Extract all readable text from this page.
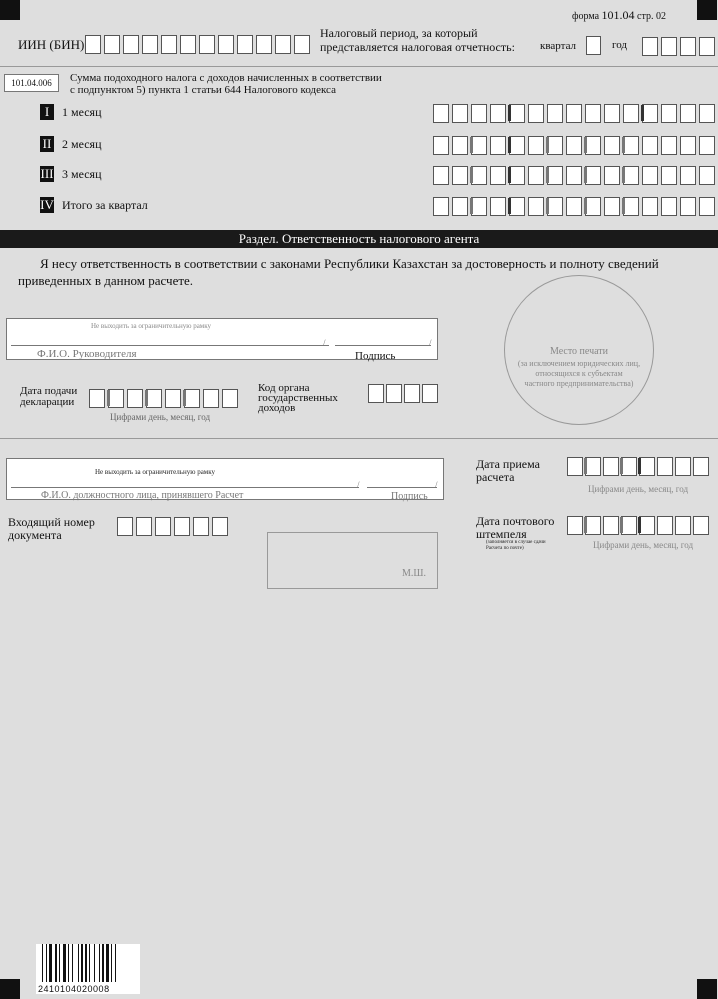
форма 101.04 стр. 02
ИИН (БИН)
Налоговый период, за который
представляется налоговая отчетность: квартал	год
101.04.006	Сумма подоходного налога с доходов начисленных в соответствии
с подпунктом 5) пункта 1 статьи 644 Налогового кодекса
I	1 месяц
II 2 месяц
III 3 месяц
IV Итого за квартал
Раздел. Ответственность налогового агента
Я несу ответственность в соответствии с законами Республики Казахстан за достоверность и полноту сведений
приведенных в данном расчете.
Не выходить за ограничительную рамку
/	/
Ф.И.О. Руководителя	Подпись	Место печати
(за исключением юридических лиц,
относящихся к субъектам
частного предпринимательства)
Дата подачи
декларации
Цифрами день, месяц, год
Код органа
государственных
доходов
Не выходить за ограничительную рамку
/	/
Ф.И.О. должностного лица, принявшего Расчет	Подпись
Дата приема
расчета
Цифрами день, месяц, год
Входящий номер
документа
Дата почтового
штемпеля
(заполняется в случае сдачи
Расчета по почте)	Цифрами день, месяц, год
М.Ш.
2410104020008
